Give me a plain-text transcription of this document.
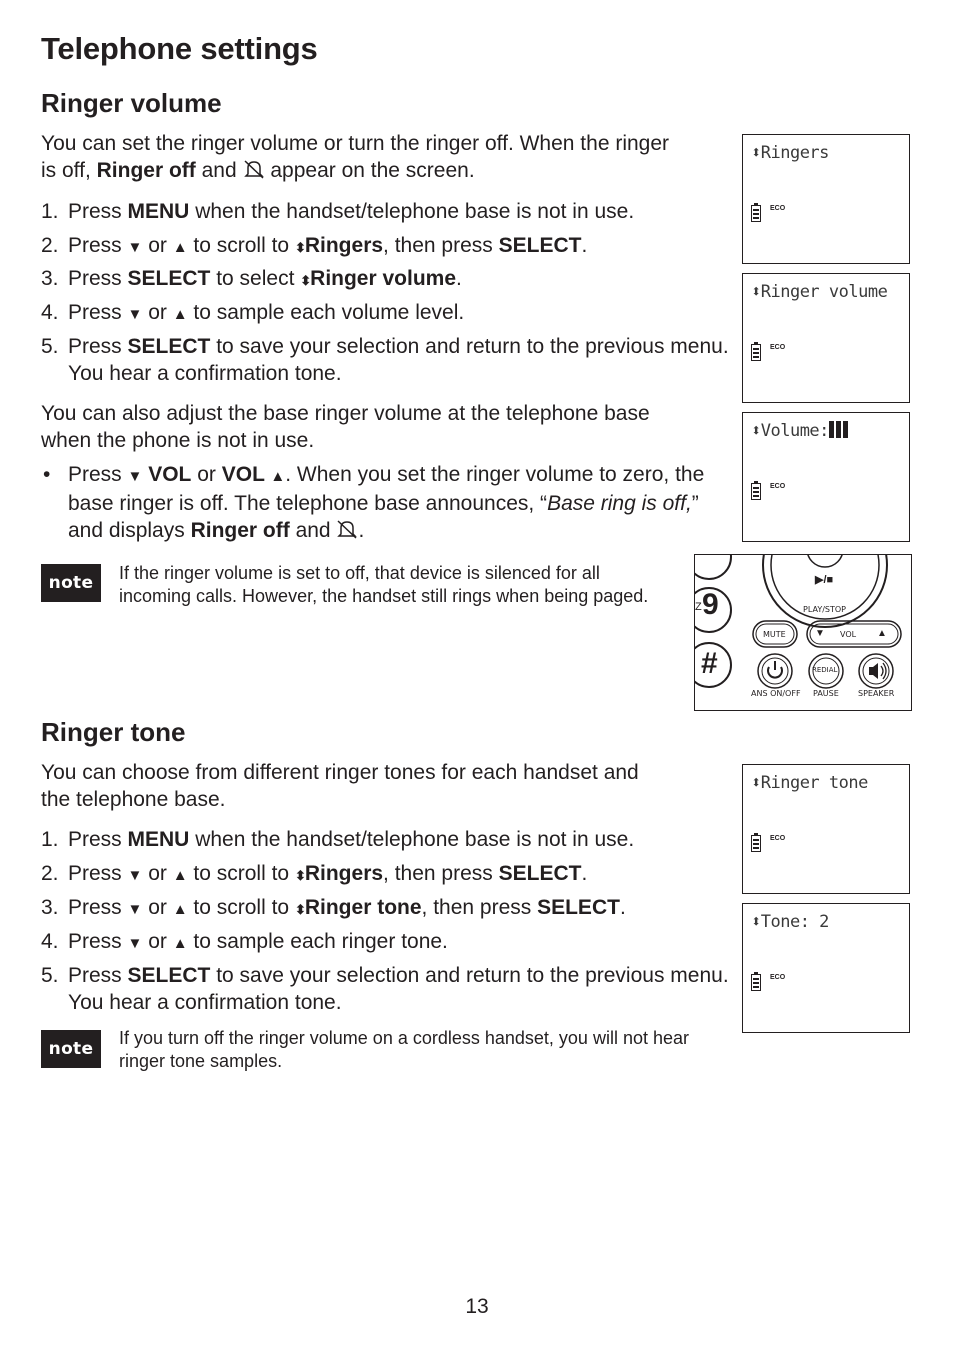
Telephone settings
Ringer volume

You can set the ringer volume or turn the ringer off. When the ringer
is off, Ringer off and  appear on the screen.

1. Press MENU when the handset/telephone base is not in use.
2. Press ▼ or ▲ to scroll to ⬍Ringers, then press SELECT.
3. Press SELECT to select ⬍Ringer volume.
4. Press ▼ or ▲ to sample each volume level.
5. Press SELECT to save your selection and return to the previous menu. You hear a confirmation tone.

You can also adjust the base ringer volume at the telephone base
when the phone is not in use.

• Press ▼ VOL or VOL ▲. When you set the ringer volume to zero, the base ringer is off. The telephone base announces, “Base ring is off,” and displays Ringer off and .
note	If the ringer volume is set to off, that device is silenced for all incoming calls. However, the handset still rings when being paged.

⬍Ringers
ECO
⬍Ringer volume
ECO
⬍Volume:
ECO
9
Z
#
▶/■
PLAY/STOP
MUTE	▼ VOL ▲
REDIAL
ANS ON/OFF PAUSE SPEAKER
Ringer tone

You can choose from different ringer tones for each handset and
the telephone base.

1. Press MENU when the handset/telephone base is not in use.
2. Press ▼ or ▲ to scroll to ⬍Ringers, then press SELECT.
3. Press ▼ or ▲ to scroll to ⬍Ringer tone, then press SELECT.
4. Press ▼ or ▲ to sample each ringer tone.
5. Press SELECT to save your selection and return to the previous menu. You hear a confirmation tone.
note

If you turn off the ringer volume on a cordless handset, you will not hear ringer tone samples.

⬍Ringer tone
ECO
⬍Tone: 2
ECO
13
